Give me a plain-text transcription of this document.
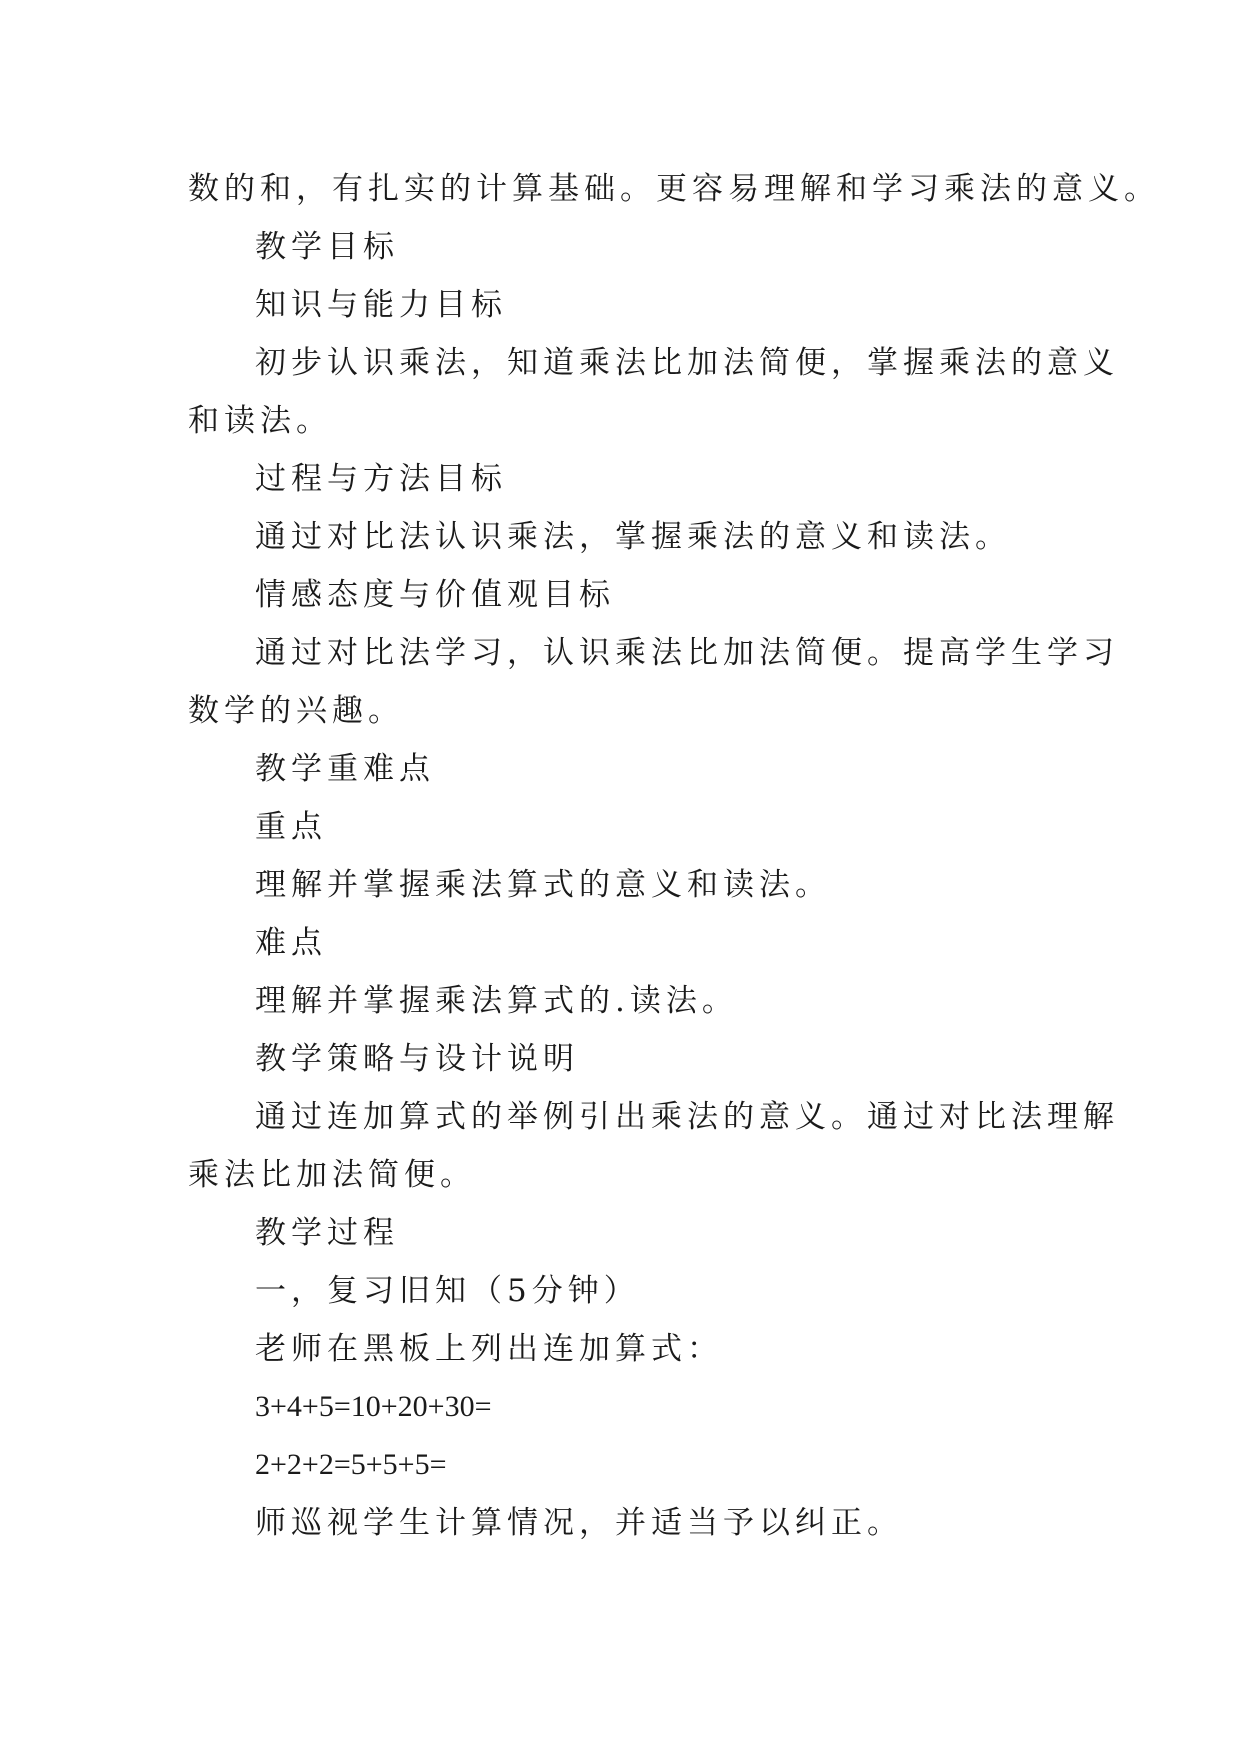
数的和，有扎实的计算基础。更容易理解和学习乘法的意义。
教学目标
知识与能力目标
初步认识乘法，知道乘法比加法简便，掌握乘法的意义
和读法。
过程与方法目标
通过对比法认识乘法，掌握乘法的意义和读法。
情感态度与价值观目标
通过对比法学习，认识乘法比加法简便。提高学生学习
数学的兴趣。
教学重难点
重点
理解并掌握乘法算式的意义和读法。
难点
理解并掌握乘法算式的.读法。
教学策略与设计说明
通过连加算式的举例引出乘法的意义。通过对比法理解
乘法比加法简便。
教学过程
一，复习旧知（5分钟）
老师在黑板上列出连加算式：
3+4+5=10+20+30=
2+2+2=5+5+5=
师巡视学生计算情况，并适当予以纠正。
